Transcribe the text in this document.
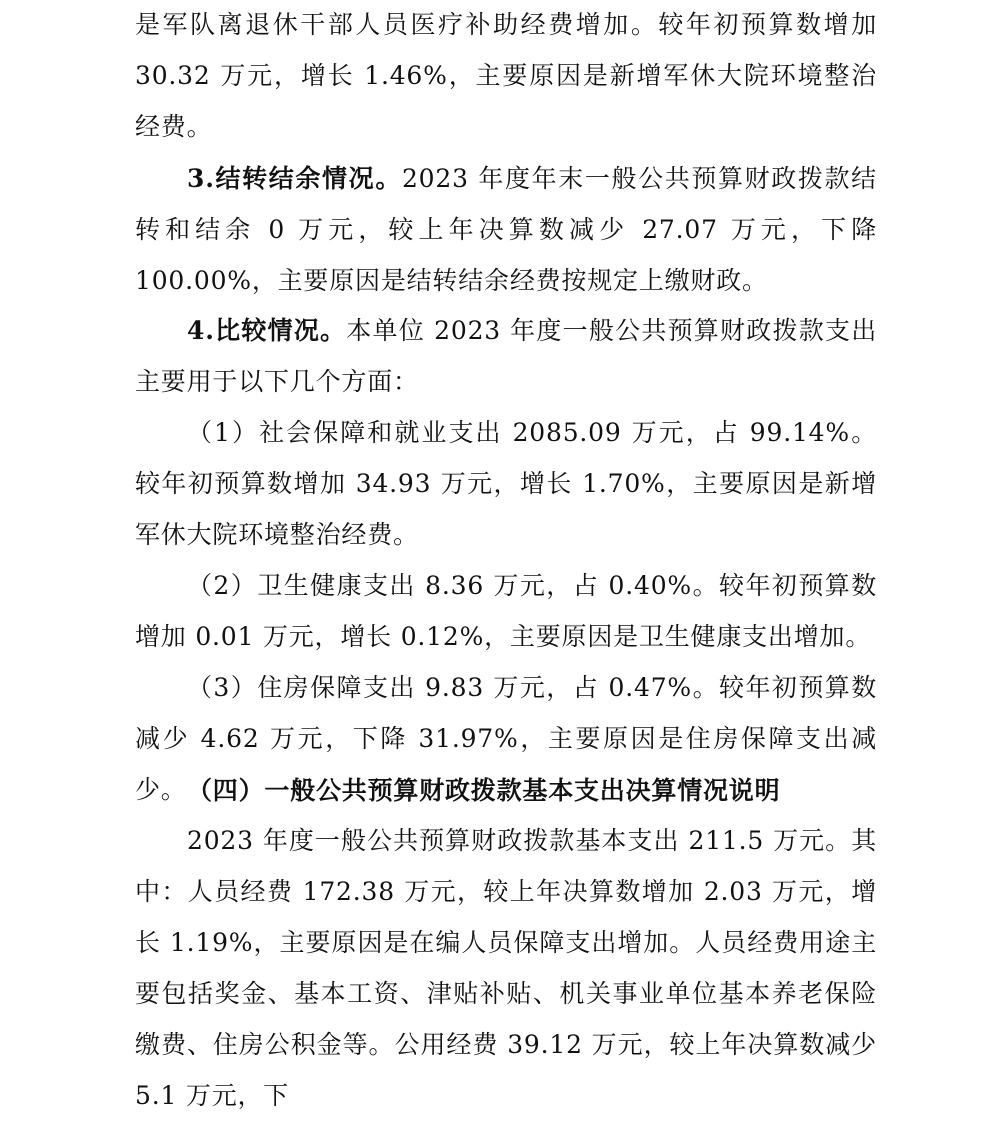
是军队离退休干部人员医疗补助经费增加。较年初预算数增加30.32 万元，增长 1.46%，主要原因是新增军休大院环境整治经费。

3.结转结余情况。2023 年度年末一般公共预算财政拨款结转和结余 0 万元，较上年决算数减少 27.07 万元，下降 100.00%，主要原因是结转结余经费按规定上缴财政。

4.比较情况。本单位 2023 年度一般公共预算财政拨款支出主要用于以下几个方面：

（1）社会保障和就业支出 2085.09 万元，占 99.14%。较年初预算数增加 34.93 万元，增长 1.70%，主要原因是新增军休大院环境整治经费。

（2）卫生健康支出 8.36 万元，占 0.40%。较年初预算数增加 0.01 万元，增长 0.12%，主要原因是卫生健康支出增加。

（3）住房保障支出 9.83 万元，占 0.47%。较年初预算数减少 4.62 万元，下降 31.97%，主要原因是住房保障支出减少。 （四）一般公共预算财政拨款基本支出决算情况说明

2023 年度一般公共预算财政拨款基本支出 211.5 万元。其中：人员经费 172.38 万元，较上年决算数增加 2.03 万元，增长 1.19%，主要原因是在编人员保障支出增加。人员经费用途主要包括奖金、基本工资、津贴补贴、机关事业单位基本养老保险缴费、住房公积金等。公用经费 39.12 万元，较上年决算数减少 5.1 万元，下
